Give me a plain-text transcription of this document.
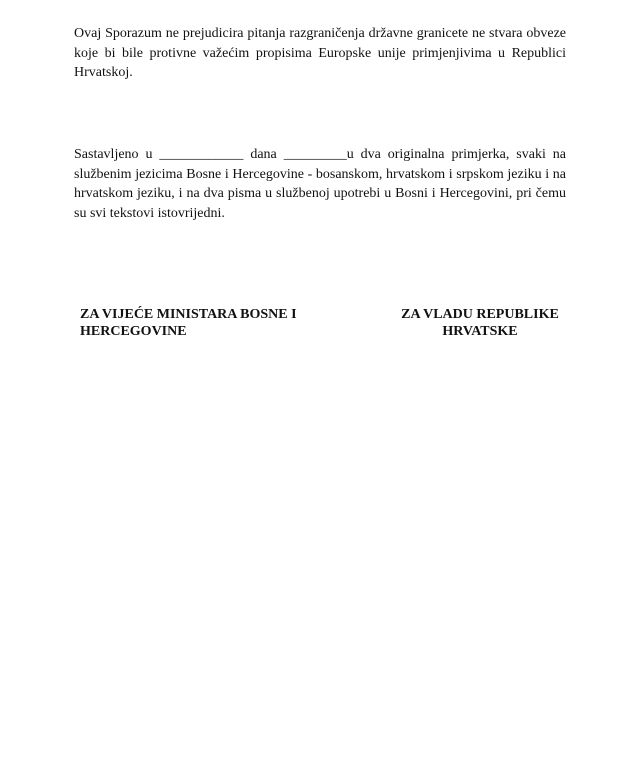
Ovaj Sporazum ne prejudicira pitanja razgraničenja državne granicete ne stvara obveze koje bi bile protivne važećim propisima Europske unije primjenjivima u Republici Hrvatskoj.

Sastavljeno u ____________ dana _________u dva originalna primjerka, svaki na službenim jezicima Bosne i Hercegovine - bosanskom, hrvatskom i srpskom jeziku i na hrvatskom jeziku, i na dva pisma u službenoj upotrebi u Bosni i Hercegovini, pri čemu su svi tekstovi istovrijedni.

ZA VIJEĆE MINISTARA BOSNE I
HERCEGOVINE
ZA VLADU REPUBLIKE
HRVATSKE
